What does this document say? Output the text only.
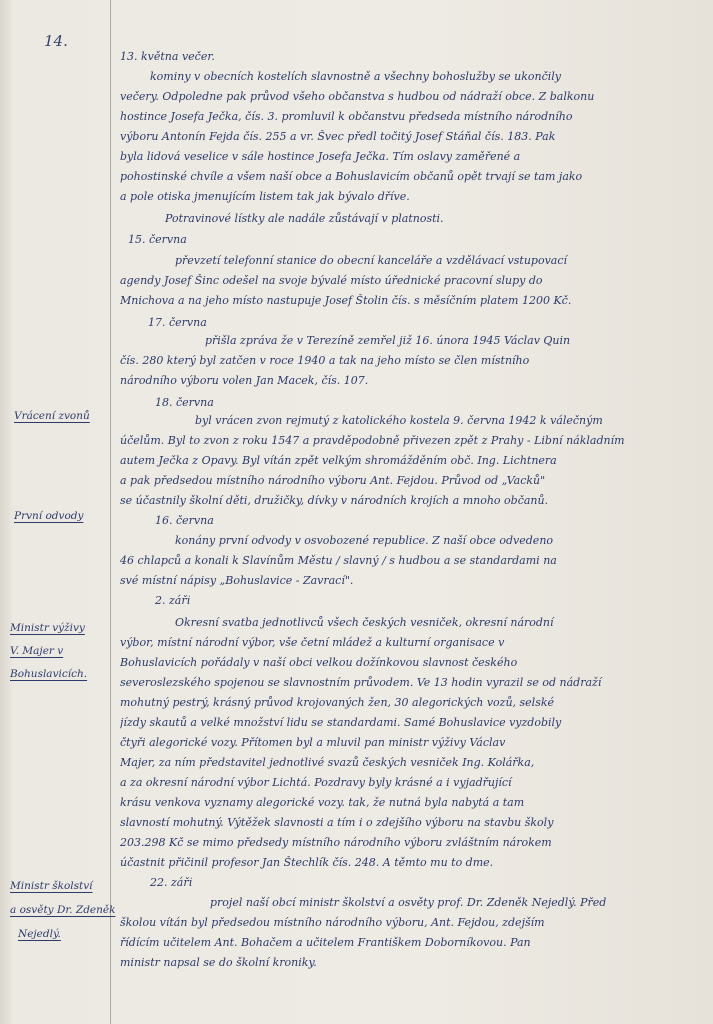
14.
13. května večer.
kominy v obecních kostelích slavnostně a všechny bohoslužby se ukončily
večery. Odpoledne pak průvod všeho občanstva s hudbou od nádraží obce. Z balkonu
hostince Josefa Ječka, čís. 3. promluvil k občanstvu předseda místního národního
výboru Antonín Fejda čís. 255 a vr. Švec předl točitý Josef Stáňal čís. 183. Pak
byla lidová veselice v sále hostince Josefa Ječka. Tím oslavy zaměřené a
pohostinské chvíle a všem naší obce a Bohuslavicím občanů opět trvají se tam jako
a pole otiska jmenujícím listem tak jak bývalo dříve.
Potravinové lístky ale nadále zůstávají v platnosti.
15. června
převzetí telefonní stanice do obecní kanceláře a vzdělávací vstupovací
agendy Josef Šinc odešel na svoje bývalé místo úřednické pracovní slupy do
Mnichova a na jeho místo nastupuje Josef Štolin čís. s měsíčním platem 1200 Kč.
17. června
přišla zpráva že v Terezíně zemřel již 16. února 1945 Václav Quin
čís. 280 který byl zatčen v roce 1940 a tak na jeho místo se člen místního
národního výboru volen Jan Macek, čís. 107.
18. června
Vrácení zvonů	byl vrácen zvon rejmutý z katolického kostela 9. června 1942 k válečným
účelům. Byl to zvon z roku 1547 a pravděpodobně přivezen zpět z Prahy - Libní nákladním
autem Ječka z Opavy. Byl vítán zpět velkým shromážděním obč. Ing. Lichtnera
a pak předsedou místního národního výboru Ant. Fejdou. Průvod od „Vacků"
se účastnily školní děti, družičky, dívky v národních krojích a mnoho občanů.
16. června
První odvody
konány první odvody v osvobozené republice. Z naší obce odvedeno
46 chlapců a konali k Slavínům Městu / slavný / s hudbou a se standardami na
své místní nápisy „Bohuslavice - Zavrací".
2. září
Ministr výživy
V. Majer v
Bohuslavicích.
Okresní svatba jednotlivců všech českých vesniček, okresní národní
výbor, místní národní výbor, vše četní mládež a kulturní organisace v
Bohuslavicích pořádaly v naší obci velkou dožínkovou slavnost českého
severoslezského spojenou se slavnostním průvodem. Ve 13 hodin vyrazil se od nádraží
mohutný pestrý, krásný průvod krojovaných žen, 30 alegorických vozů, selské
jízdy skautů a velké množství lidu se standardami. Samé Bohuslavice vyzdobily
čtyři alegorické vozy. Přítomen byl a mluvil pan ministr výživy Václav
Majer, za ním představitel jednotlivé svazů českých vesniček Ing. Kolářka,
a za okresní národní výbor Lichtá. Pozdravy byly krásné a i vyjadřující
krásu venkova vyznamy alegorické vozy. tak, že nutná byla nabytá a tam
slavností mohutný. Výtěžek slavnosti a tím i o zdejšího výboru na stavbu školy
203.298 Kč se mimo předsedy místního národního výboru zvláštním nárokem
účastnit přičinil profesor Jan Štechlík čís. 248. A těmto mu to dme.
22. září
Ministr školství
a osvěty Dr. Zdeněk
Nejedlý.
projel naší obcí ministr školství a osvěty prof. Dr. Zdeněk Nejedlý. Před
školou vítán byl předsedou místního národního výboru, Ant. Fejdou, zdejším
řídícím učitelem Ant. Bohačem a učitelem Františkem Doborníkovou. Pan
ministr napsal se do školní kroniky.
